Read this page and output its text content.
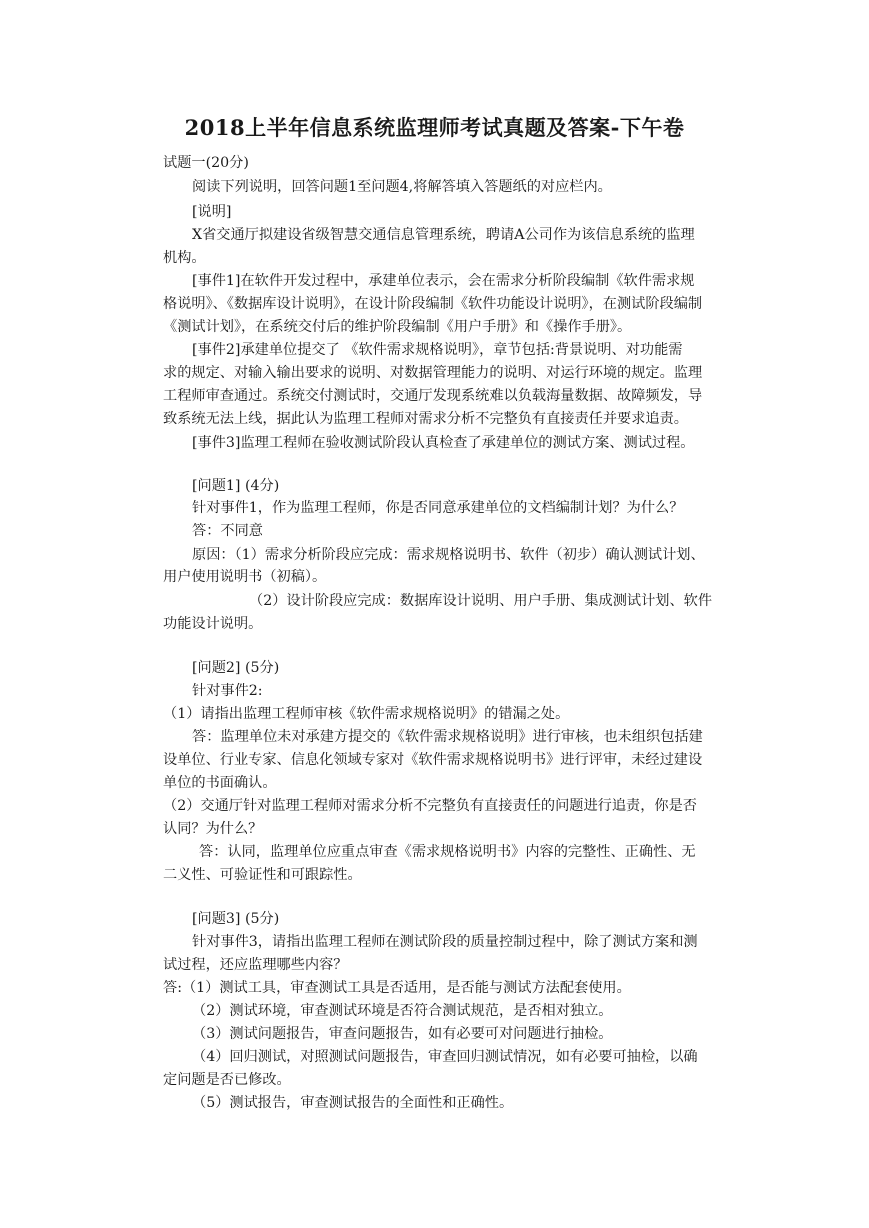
2018上半年信息系统监理师考试真题及答案-下午卷
试题一(20分)
阅读下列说明，回答问题1至问题4,将解答填入答题纸的对应栏内。
[说明]
X省交通厅拟建设省级智慧交通信息管理系统，聘请A公司作为该信息系统的监理
机构。
[事件1]在软件开发过程中，承建单位表示，会在需求分析阶段编制《软件需求规
格说明》、《数据库设计说明》，在设计阶段编制《软件功能设计说明》，在测试阶段编制
《测试计划》，在系统交付后的维护阶段编制《用户手册》和《操作手册》。
[事件2]承建单位提交了 《软件需求规格说明》，章节包括:背景说明、对功能需
求的规定、对输入输出要求的说明、对数据管理能力的说明、对运行环境的规定。监理
工程师审查通过。系统交付测试时，交通厅发现系统难以负载海量数据、故障频发，导
致系统无法上线，据此认为监理工程师对需求分析不完整负有直接责任并要求追责。
[事件3]监理工程师在验收测试阶段认真检查了承建单位的测试方案、测试过程。
[问题1] (4分)
针对事件1，作为监理工程师，你是否同意承建单位的文档编制计划？为什么？
答：不同意
原因：（1）需求分析阶段应完成：需求规格说明书、软件（初步）确认测试计划、
用户使用说明书（初稿）。
（2）设计阶段应完成：数据库设计说明、用户手册、集成测试计划、软件
功能设计说明。
[问题2] (5分)
针对事件2:
（1）请指出监理工程师审核《软件需求规格说明》的错漏之处。
答：监理单位未对承建方提交的《软件需求规格说明》进行审核，也未组织包括建
设单位、行业专家、信息化领域专家对《软件需求规格说明书》进行评审，未经过建设
单位的书面确认。
（2）交通厅针对监理工程师对需求分析不完整负有直接责任的问题进行追责，你是否
认同？为什么？
答：认同，监理单位应重点审查《需求规格说明书》内容的完整性、正确性、无
二义性、可验证性和可跟踪性。
[问题3] (5分)
针对事件3，请指出监理工程师在测试阶段的质量控制过程中，除了测试方案和测
试过程，还应监理哪些内容？
答:（1）测试工具，审查测试工具是否适用，是否能与测试方法配套使用。
（2）测试环境，审查测试环境是否符合测试规范，是否相对独立。
（3）测试问题报告，审查问题报告，如有必要可对问题进行抽检。
（4）回归测试，对照测试问题报告，审查回归测试情况，如有必要可抽检，以确
定问题是否已修改。
（5）测试报告，审查测试报告的全面性和正确性。
